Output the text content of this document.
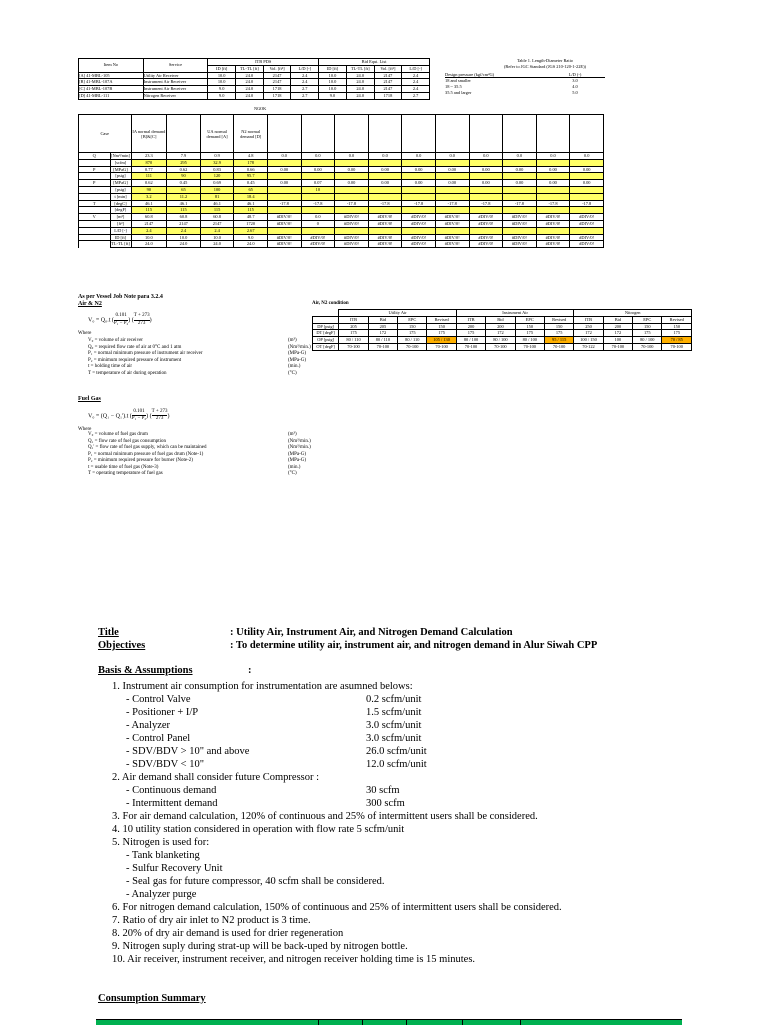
Item No	Service	ITB PDS				Bid Equi. List			
		ID [ft]	TL-TL [ft]	Vol. [ft³]	L/D [-]	ID [ft]	TL-TL [ft]	Vol. [ft³]	L/D [-]
[A] 41-MBL-105	Utility Air Receiver	10.0	24.0	2147	2.4	10.0	24.0	2147	2.4
[B] 41-MBL-107A	Instrument Air Receiver	10.0	24.0	2147	2.4	10.0	24.0	2147	2.4
[C] 41-MBL-107B	Instrument Air Receiver	9.0	24.0	1718	2.7	10.0	24.0	2147	2.4
[D] 41-MBL-111	Nitrogen Receiver	9.0	24.0	1718	2.7	9.0	24.0	1718	2.7
NG
Table 1. Length-Diameter Ratio
(Refer to JGC Standard (JGS 210-120-1-22E))
Design pressure (kgf/cm²G)	L/D (-)
18 and smaller	3.0
18 ~ 35.5	4.0
35.5 and larger	5.0
OK
Case		IA normal demand [B]&[C]		UA normal demand [A]	N2 normal demand [D]										
Q	[Nm³/min]	23.3	7.9	0.9	4.8	0.0	0.0	0.0	0.0	0.0	0.0	0.0	0.0	0.0	0.0
	[scfm]	870	295	32.9	178										
P	[MPaG]	0.77	0.62	0.83	0.66	0.00	0.00	0.00	0.00	0.00	0.00	0.00	0.00	0.00	0.00
	[psig]	111	90	120	95.7										
P	[MPaG]	0.62	0.45	0.69	0.45	0.00	0.07	0.00	0.00	0.00	0.00	0.00	0.00	0.00	0.00
	[psig]	90	65	100	65		10								
	t [min]	3.2	11.2	81	18.4										
T	[degC]	46.1	46.1	46.1	46.1	-17.8	-17.8	-17.8	-17.8	-17.8	-17.8	-17.8	-17.8	-17.8	-17.8
	[degF]	115	115	115	115										
V	[m³]	60.8	60.8	60.8	48.7	#DIV/0!	0.0	#DIV/0!	#DIV/0!	#DIV/0!	#DIV/0!	#DIV/0!	#DIV/0!	#DIV/0!	#DIV/0!
	[ft³]	2147	2147	2147	1720	#DIV/0!	0	#DIV/0!	#DIV/0!	#DIV/0!	#DIV/0!	#DIV/0!	#DIV/0!	#DIV/0!	#DIV/0!
	L/D [-]	2.4	2.4	2.4	2.67										
	ID [ft]	10.0	10.0	10.0	9.0	#DIV/0!	#DIV/0!	#DIV/0!	#DIV/0!	#DIV/0!	#DIV/0!	#DIV/0!	#DIV/0!	#DIV/0!	#DIV/0!
	TL-TL [ft]	24.0	24.0	24.0	24.0	#DIV/0!	#DIV/0!	#DIV/0!	#DIV/0!	#DIV/0!	#DIV/0!	#DIV/0!	#DIV/0!	#DIV/0!	#DIV/0!
As per Vessel Job Note para 3.2.4
Air & N2
V₀ = Q₀.t ( $\frac{0.101}{\text{P₁ − P₂}}$ ) ( $\frac{T + 273}{273}$ )
Where
V₀ = volume of air receiver	(m³)
Q₀ = required flow rate of air at 0°C and 1 atm	(Nm³/min.)
P₁ = normal minimum pressure of instrument air receiver	(MPa-G)
P₂ = minimum required pressure of instrument	(MPa-G)
t = holding time of air	(min.)
T = temperature of air during operation	(°C)
Fuel Gas
V₀ = (Q₁ − Q₁').t ( $\frac{0.101}{\text{P₁ − P₂}}$ ) ( $\frac{T + 273}{273}$ )
Where
V₀ = volume of fuel gas drum	(m³)
Q₁ = flow rate of fuel gas consumption	(Nm³/min.)
Q₁' = flow rate of fuel gas supply, which can be maintained	(Nm³/min.)
P₁ = normal minimum pressure of fuel gas drum (Note-1)	(MPa-G)
P₂ = minimum required pressure for burner (Note-2)	(MPa-G)
t = usable time of fuel gas (Note-3)	(min.)
T = operating temperature of fuel gas	(°C)
Air, N2 condition
	Utility Air				Instrument Air				Nitrogen			
	ITB	Bid	EPC	Revised	ITB	Bid	EPC	Revised	ITB	Bid	EPC	Revised
DP [psig]	205	205	150	150	200	200	150	150	250	200	150	150
DT [degF]	175	172	175	175	175	172	175	175	172	172	175	175
OP [psig]	80 / 110	80 / 110	80 / 110	105 / 130	80 / 100	80 / 100	80 / 100	95 / 115	100 / 150	100	80 / 100	70 / 85
OT [degF]	70-100	70-100	70-100	70-100	70-100	70-100	70-100	70-100	70-122	70-100	70-100	70-100
Title	: Utility Air, Instrument Air, and Nitrogen Demand Calculation
Objectives	: To determine utility air, instrument air, and nitrogen demand in Alur Siwah CPP
Basis & Assumptions	:
1. Instrument air consumption for instrumentation are asumned belows:
- Control Valve	0.2 scfm/unit
- Positioner + I/P	1.5 scfm/unit
- Analyzer	3.0 scfm/unit
- Control Panel	3.0 scfm/unit
- SDV/BDV > 10" and above	26.0 scfm/unit
- SDV/BDV < 10"	12.0 scfm/unit
2. Air demand shall consider future Compressor :
- Continuous demand	30 scfm
- Intermittent demand	300 scfm
3. For air demand calculation, 120% of continuous and 25% of intermittent users shall be considered.
4. 10 utility station considered in operation with flow rate 5 scfm/unit
5. Nitrogen is used for:
- Tank blanketing
- Sulfur Recovery Unit
- Seal gas for future compressor, 40 scfm shall be considered.
- Analyzer purge
6. For nitrogen demand calculation, 150% of continuous and 25% of intermittent users shall be considered.
7. Ratio of dry air inlet to N2 product is 3 time.
8. 20% of dry air demand is used for drier regeneration
9. Nitrogen suply during strat-up will be back-uped by nitrogen bottle.
10. Air receiver, instrument receiver, and nitrogen receiver holding time is 15 minutes.
Consumption Summary
